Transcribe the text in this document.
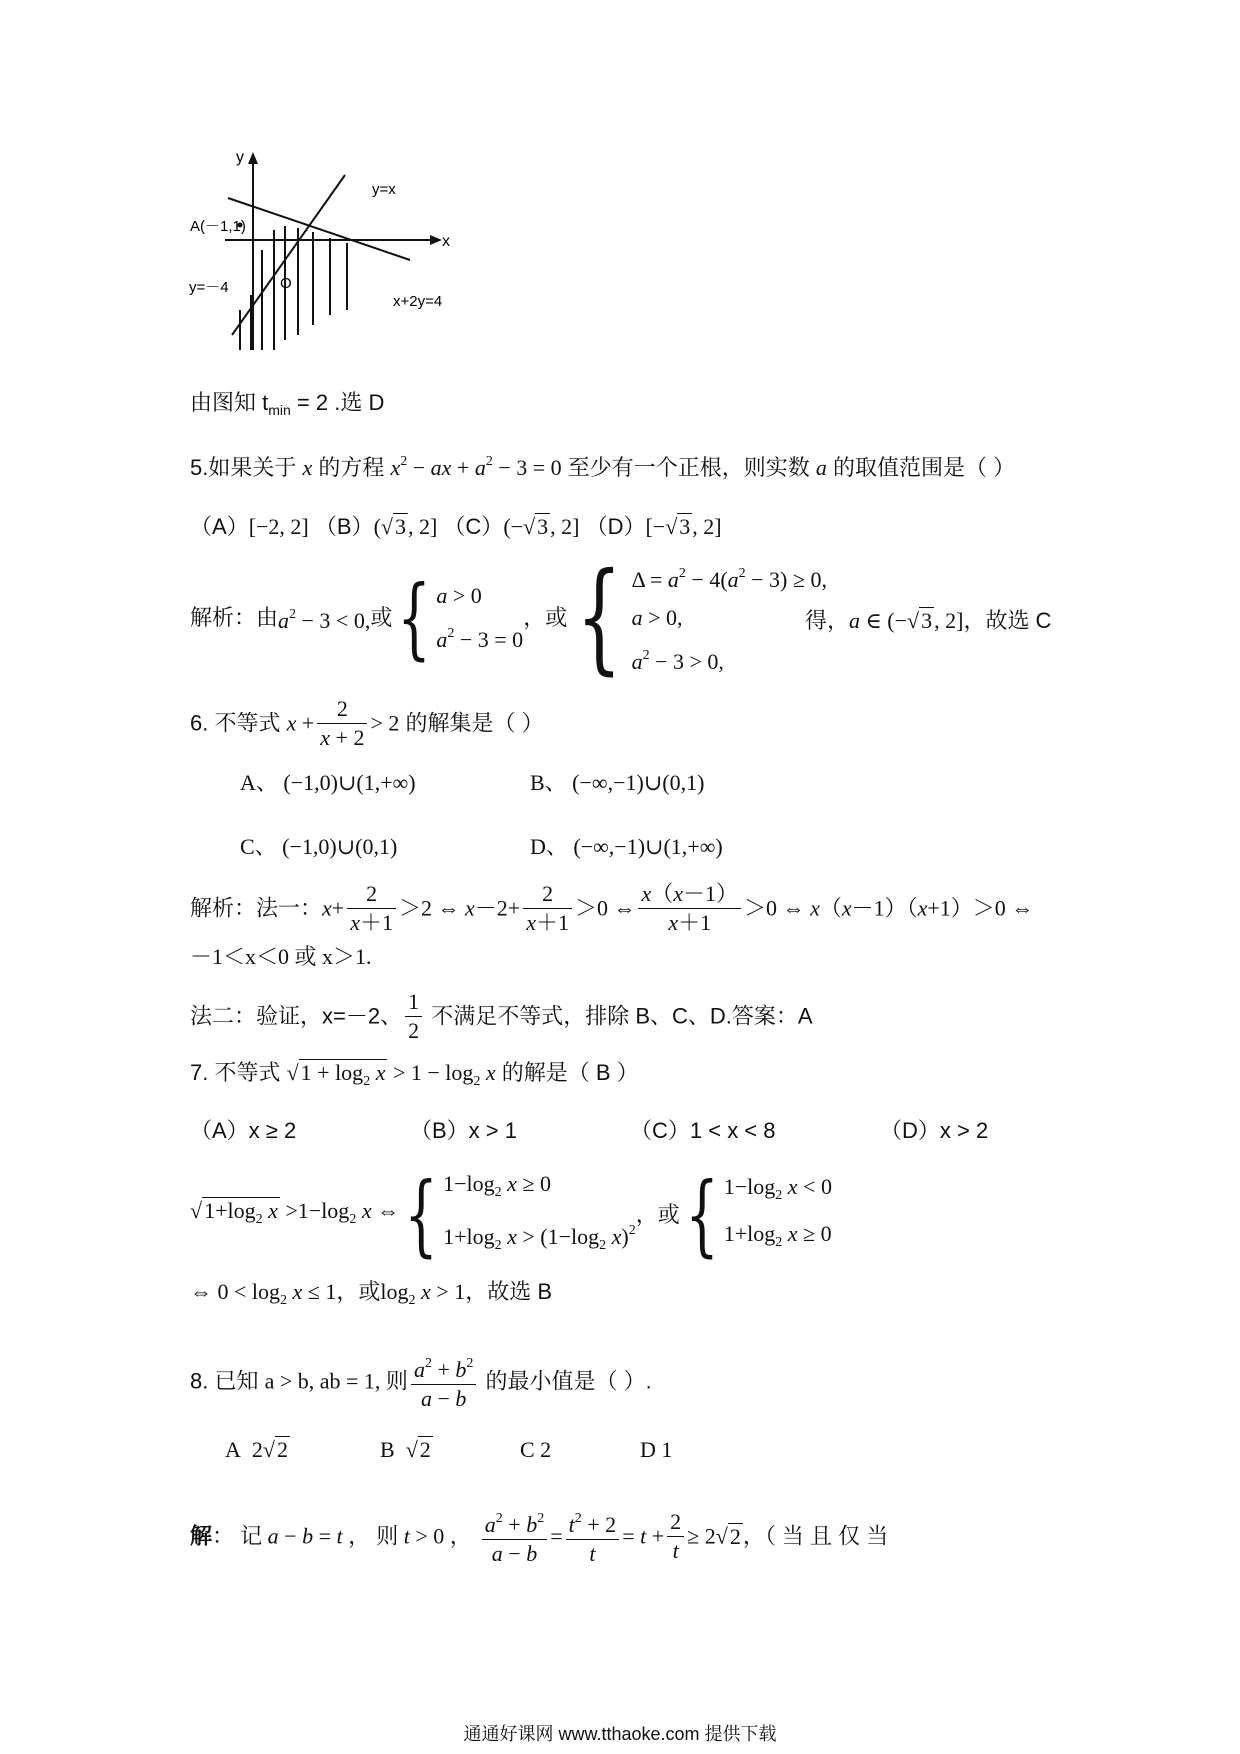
y
x
y=x
A(－1,1)
y=－4	O
x+2y=4
由图知 $t_{min} = 2$ .选 D
5.如果关于 x 的方程 $x^2$ − ax + $a^2 - 3 = 0$ 至少有一个正根，则实数 a 的取值范围是（ ）
（A）[−2, 2] （B）(√3, 2] （C）(−√3, 2] （D）[−√3, 2]
解析：由$a^2 - 3 < 0$,或{ a > 0
$a^2 - 3 = 0$
，或{ $\Delta = a^2 - 4(a^2 - 3) \ge 0$,
a > 0,
$a^2 - 3 > 0$,
得，a ∈ (−√3, 2]，故选 C
6. 不等式 $x + \frac{2}{x + 2} > 2$ 的解集是（ ）
A、 (−1,0)∪(1,+∞)	B、 (−∞,−1)∪(0,1)
C、 (−1,0)∪(0,1)	D、 (−∞,−1)∪(1,+∞)
解析：法一：$x+ \frac{2}{x+1} >2$ ⇔ $x-2+ \frac{2}{x+1} >0$ ⇔ $\frac{x(x-1)}{x+1} >0$ ⇔ x（x－1）（x+1）＞0 ⇔
－1＜x＜0 或 x＞1.
法二：验证，x=－2、 $\frac{1}{2}$ 不满足不等式，排除 B、C、D.答案：A
7. 不等式 $√1 + \log_2 x > 1 - \log_2 x$ 的解是（ B ）
（A）x ≥ 2	（B）x > 1	（C）1 < x < 8	（D）x > 2
$√1+\log_2$ $x >1-\log_2$ x ⇔{ $1-\log_2$ x ≥ 0
$1+\log_2$ $x > (1-\log_2$ x)$^2$
，或{ $1-\log_2$ x < 0
$1+\log_2$ x ≥ 0
⇔ $0 < \log_2 x \le 1$，或$\log_2 x > 1$，故选 B
8. 已知 a > b, ab = 1, 则 $\frac{a^2 + b^2}{a - b}$ 的最小值是（ ）.
A  2√2	B  √2	C 2	D 1
解： 记 a − b = t ， 则 t > 0 ， $\frac{a^2 + b^2}{a - b} = \frac{t^2 + 2}{t} = t + \frac{2}{t} \ge 2√2$，（ 当 且 仅 当
通通好课网 www.tthaoke.com 提供下载
